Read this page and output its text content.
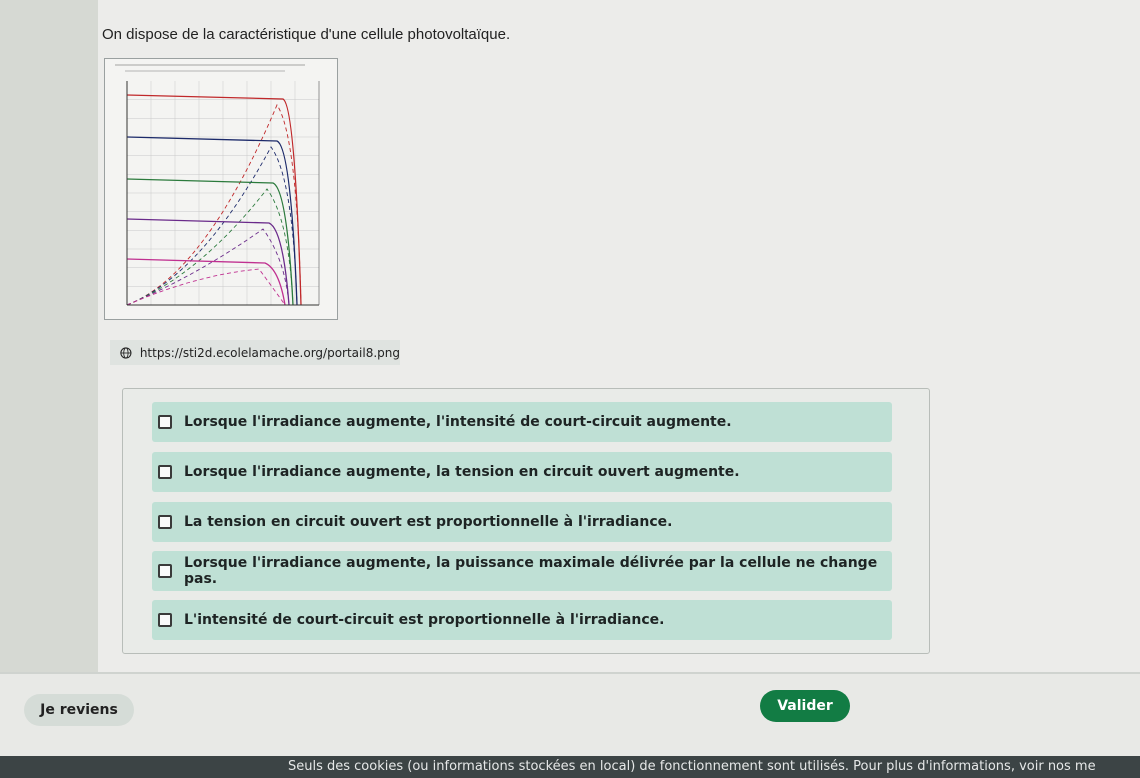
On dispose de la caractéristique d'une cellule photovoltaïque.
https://sti2d.ecolelamache.org/portail8.png
Lorsque l'irradiance augmente, l'intensité de court-circuit augmente.
Lorsque l'irradiance augmente, la tension en circuit ouvert augmente.
La tension en circuit ouvert est proportionnelle à l'irradiance.
Lorsque l'irradiance augmente, la puissance maximale délivrée par la cellule ne change pas.
L'intensité de court-circuit est proportionnelle à l'irradiance.
Je reviens	Valider
Seuls des cookies (ou informations stockées en local) de fonctionnement sont utilisés. Pour plus d'informations, voir nos me
